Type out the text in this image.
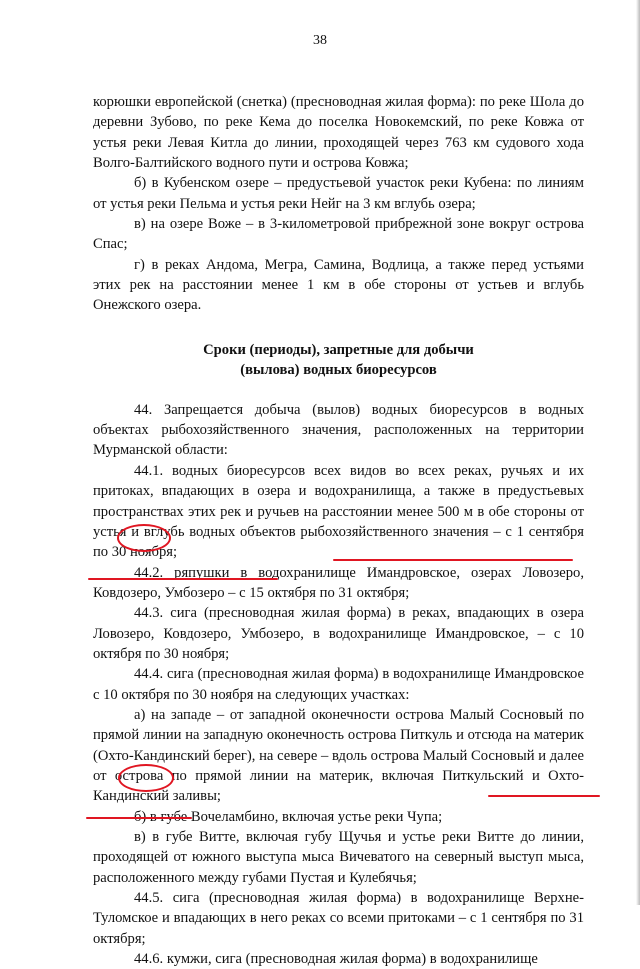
38

корюшки европейской (снетка) (пресноводная жилая форма): по реке Шола до деревни Зубово, по реке Кема до поселка Новокемский, по реке Ковжа от устья реки Левая Китла до линии, проходящей через 763 км судового хода Волго-Балтийского водного пути и острова Ковжа;

б) в Кубенском озере – предустьевой участок реки Кубена: по линиям от устья реки Пельма и устья реки Нейг на 3 км вглубь озера;

в) на озере Воже – в 3-километровой прибрежной зоне вокруг острова Спас;

г) в реках Андома, Мегра, Самина, Водлица, а также перед устьями этих рек на расстоянии менее 1 км в обе стороны от устьев и вглубь Онежского озера.

Сроки (периоды), запретные для добычи
(вылова) водных биоресурсов

44. Запрещается добыча (вылов) водных биоресурсов в водных объектах рыбохозяйственного значения, расположенных на территории Мурманской области:

44.1. водных биоресурсов всех видов во всех реках, ручьях и их притоках, впадающих в озера и водохранилища, а также в предустьевых пространствах этих рек и ручьев на расстоянии менее 500 м в обе стороны от устья и вглубь водных объектов рыбохозяйственного значения – с 1 сентября по 30 ноября;

44.2. ряпушки в водохранилище Имандровское, озерах Ловозеро, Ковдозеро, Умбозеро – с 15 октября по 31 октября;

44.3. сига (пресноводная жилая форма) в реках, впадающих в озера Ловозеро, Ковдозеро, Умбозеро, в водохранилище Имандровское, – с 10 октября по 30 ноября;

44.4. сига (пресноводная жилая форма) в водохранилище Имандровское с 10 октября по 30 ноября на следующих участках:

а) на западе – от западной оконечности острова Малый Сосновый по прямой линии на западную оконечность острова Питкуль и отсюда на материк (Охто-Кандинский берег), на севере – вдоль острова Малый Сосновый и далее от острова по прямой линии на материк, включая Питкульский и Охто-Кандинский заливы;

б) в губе Вочеламбино, включая устье реки Чупа;

в) в губе Витте, включая губу Щучья и устье реки Витте до линии, проходящей от южного выступа мыса Вичеватого на северный выступ мыса, расположенного между губами Пустая и Кулебячья;

44.5. сига (пресноводная жилая форма) в водохранилище Верхне-Туломское и впадающих в него реках со всеми притоками – с 1 сентября по 31 октября;

44.6. кумжи, сига (пресноводная жилая форма) в водохранилище
